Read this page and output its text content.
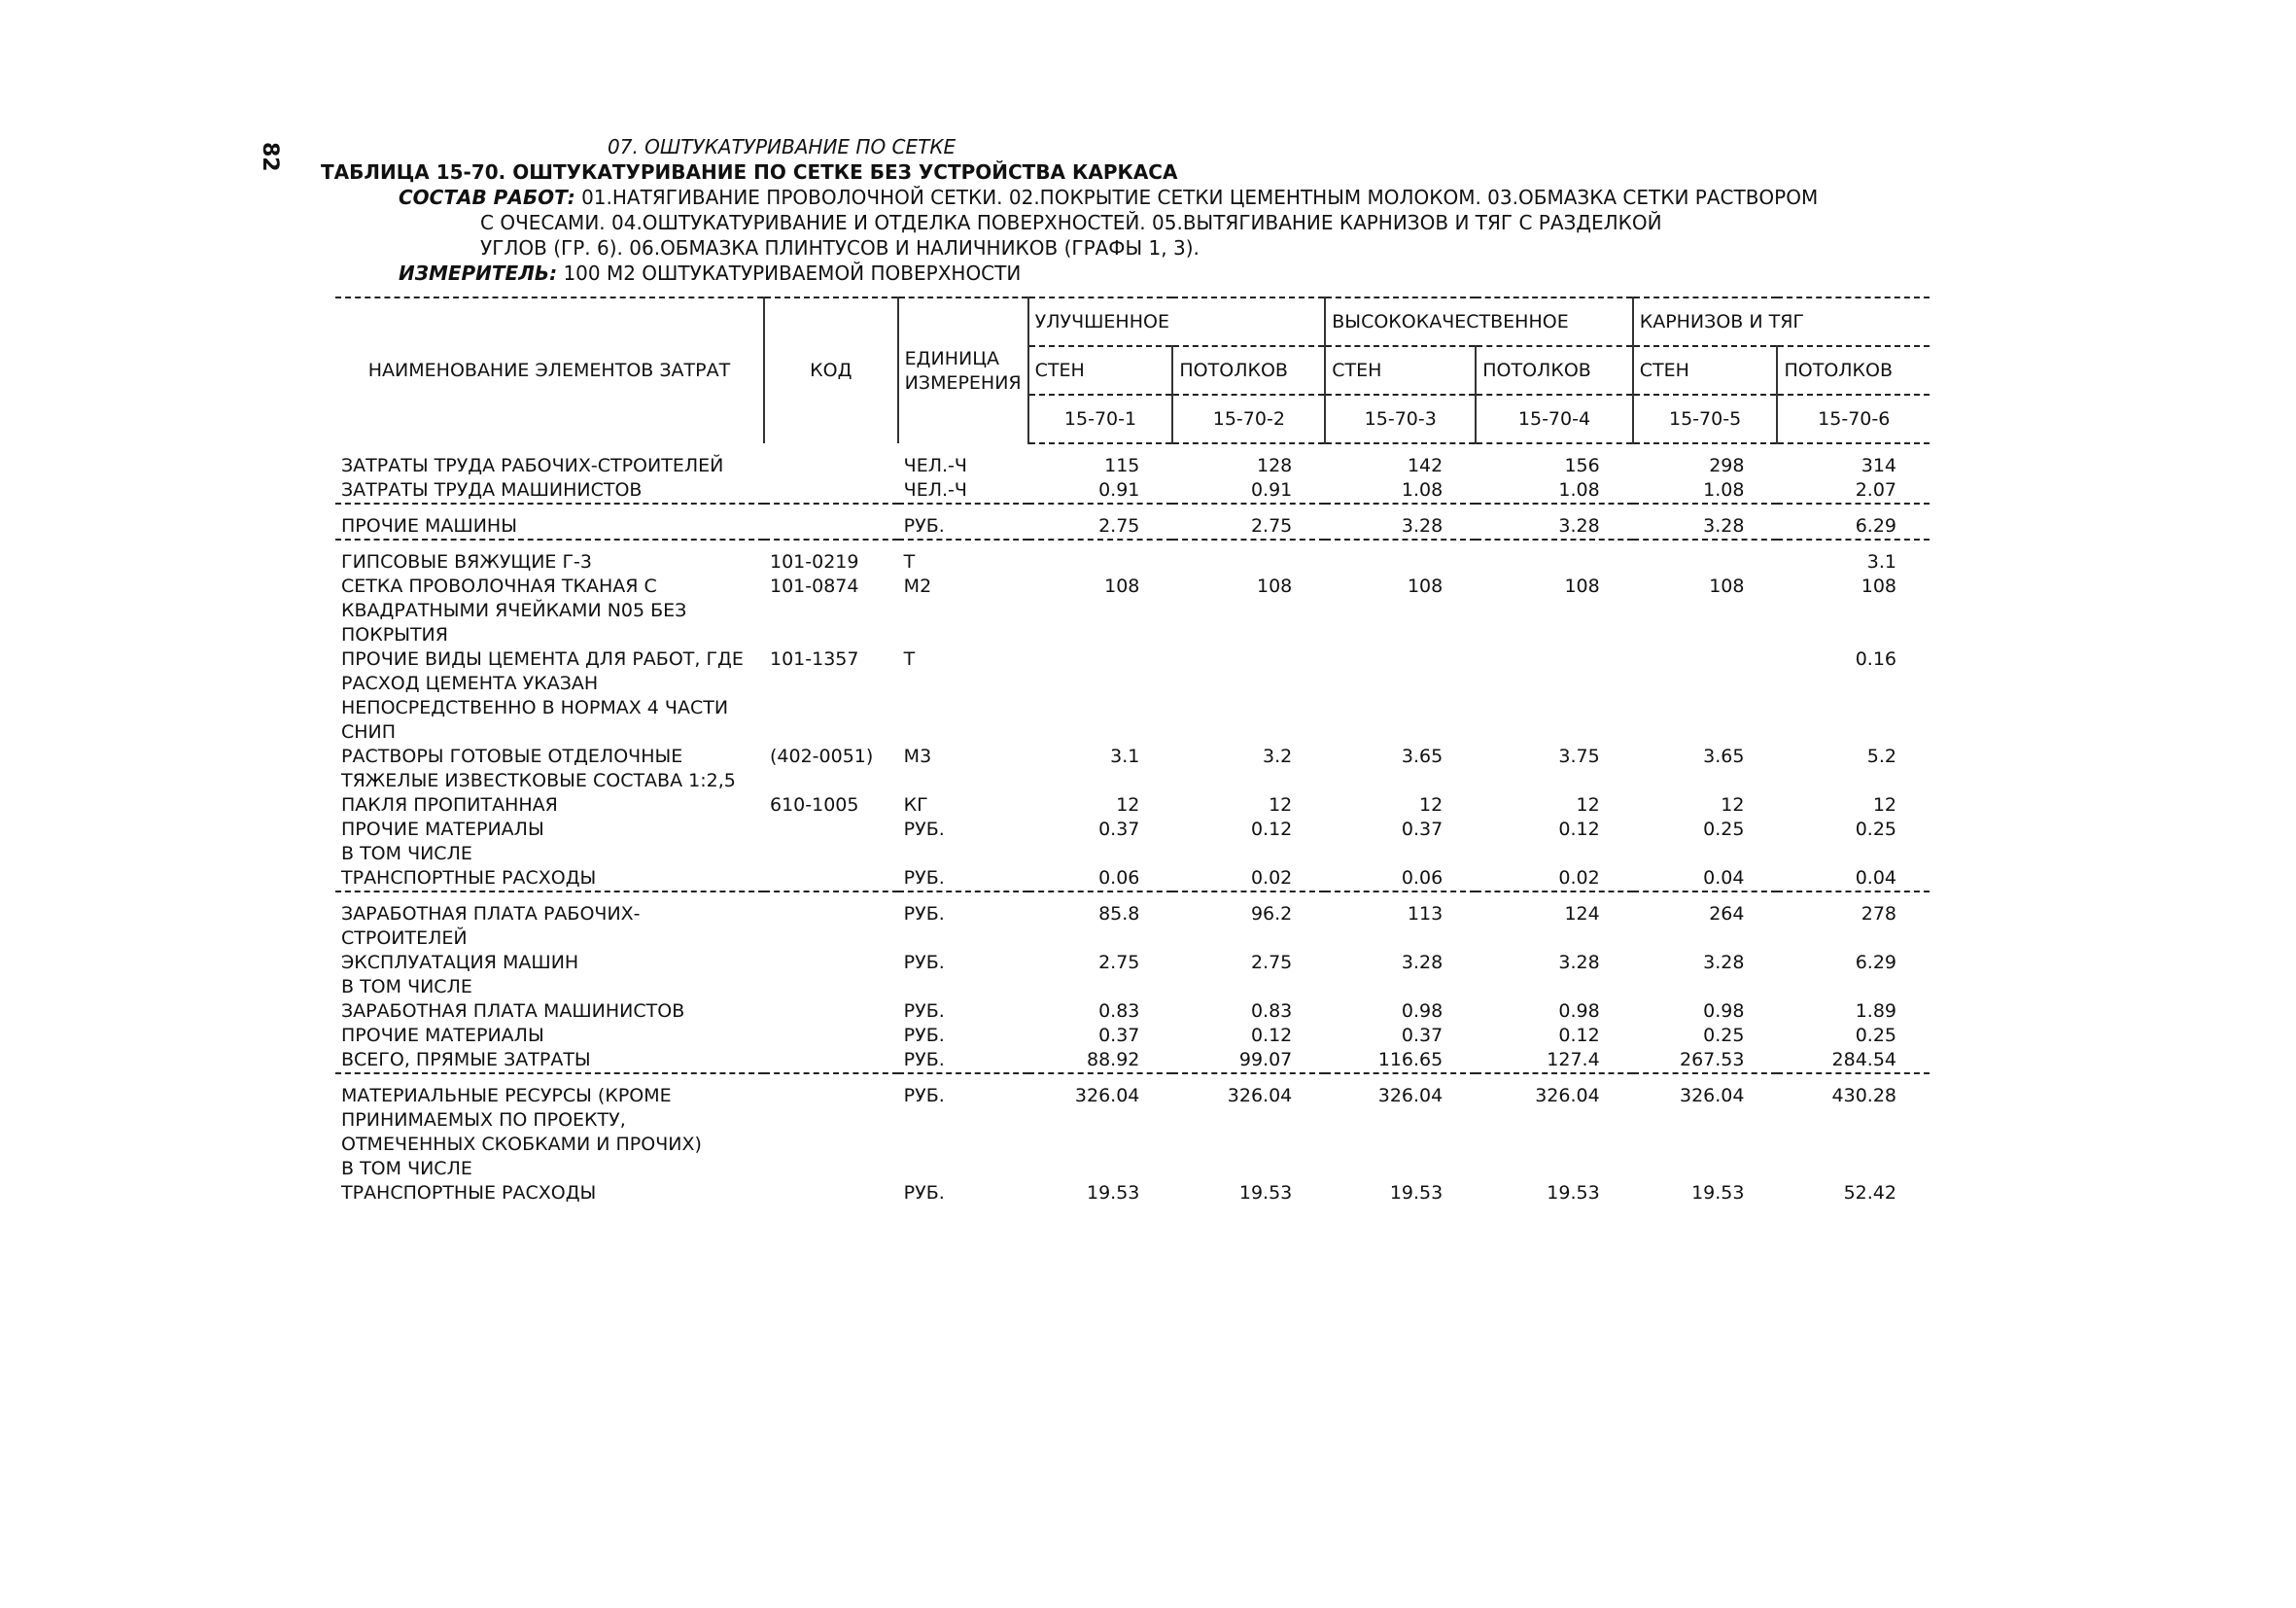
82	07. ОШТУКАТУРИВАНИЕ ПО СЕТКЕ
ТАБЛИЦА 15-70. ОШТУКАТУРИВАНИЕ ПО СЕТКЕ БЕЗ УСТРОЙСТВА КАРКАСА
СОСТАВ РАБОТ: 01.НАТЯГИВАНИЕ ПРОВОЛОЧНОЙ СЕТКИ. 02.ПОКРЫТИЕ СЕТКИ ЦЕМЕНТНЫМ МОЛОКОМ. 03.ОБМАЗКА СЕТКИ РАСТВОРОМ
С ОЧЕСАМИ. 04.ОШТУКАТУРИВАНИЕ И ОТДЕЛКА ПОВЕРХНОСТЕЙ. 05.ВЫТЯГИВАНИЕ КАРНИЗОВ И ТЯГ С РАЗДЕЛКОЙ
УГЛОВ (ГР. 6). 06.ОБМАЗКА ПЛИНТУСОВ И НАЛИЧНИКОВ (ГРАФЫ 1, 3).
ИЗМЕРИТЕЛЬ: 100 М2 ОШТУКАТУРИВАЕМОЙ ПОВЕРХНОСТИ
НАИМЕНОВАНИЕ ЭЛЕМЕНТОВ ЗАТРАТ	КОД	ЕДИНИЦА ИЗМЕРЕНИЯ	УЛУЧШЕННОЕ		ВЫСОКОКАЧЕСТВЕННОЕ		КАРНИЗОВ И ТЯГ	
			СТЕН	ПОТОЛКОВ	СТЕН	ПОТОЛКОВ	СТЕН	ПОТОЛКОВ
			15-70-1	15-70-2	15-70-3	15-70-4	15-70-5	15-70-6

ЗАТРАТЫ ТРУДА РАБОЧИХ-СТРОИТЕЛЕЙ		ЧЕЛ.-Ч	115	128	142	156	298	314
ЗАТРАТЫ ТРУДА МАШИНИСТОВ		ЧЕЛ.-Ч	0.91	0.91	1.08	1.08	1.08	2.07

ПРОЧИЕ МАШИНЫ		РУБ.	2.75	2.75	3.28	3.28	3.28	6.29

ГИПСОВЫЕ ВЯЖУЩИЕ Г-3	101-0219	Т						3.1
СЕТКА ПРОВОЛОЧНАЯ ТКАНАЯ С КВАДРАТНЫМИ ЯЧЕЙКАМИ N05 БЕЗ ПОКРЫТИЯ	101-0874	М2	108	108	108	108	108	108
ПРОЧИЕ ВИДЫ ЦЕМЕНТА ДЛЯ РАБОТ, ГДЕ РАСХОД ЦЕМЕНТА УКАЗАН НЕПОСРЕДСТВЕННО В НОРМАХ 4 ЧАСТИ СНИП	101-1357	Т						0.16
РАСТВОРЫ ГОТОВЫЕ ОТДЕЛОЧНЫЕ ТЯЖЕЛЫЕ ИЗВЕСТКОВЫЕ СОСТАВА 1:2,5	(402-0051)	М3	3.1	3.2	3.65	3.75	3.65	5.2
ПАКЛЯ ПРОПИТАННАЯ	610-1005	КГ	12	12	12	12	12	12
ПРОЧИЕ МАТЕРИАЛЫ		РУБ.	0.37	0.12	0.37	0.12	0.25	0.25
В ТОМ ЧИСЛЕ								
ТРАНСПОРТНЫЕ РАСХОДЫ		РУБ.	0.06	0.02	0.06	0.02	0.04	0.04

ЗАРАБОТНАЯ ПЛАТА РАБОЧИХ-СТРОИТЕЛЕЙ		РУБ.	85.8	96.2	113	124	264	278
ЭКСПЛУАТАЦИЯ МАШИН		РУБ.	2.75	2.75	3.28	3.28	3.28	6.29
В ТОМ ЧИСЛЕ								
ЗАРАБОТНАЯ ПЛАТА МАШИНИСТОВ		РУБ.	0.83	0.83	0.98	0.98	0.98	1.89
ПРОЧИЕ МАТЕРИАЛЫ		РУБ.	0.37	0.12	0.37	0.12	0.25	0.25
ВСЕГО, ПРЯМЫЕ ЗАТРАТЫ		РУБ.	88.92	99.07	116.65	127.4	267.53	284.54

МАТЕРИАЛЬНЫЕ РЕСУРСЫ (КРОМЕ ПРИНИМАЕМЫХ ПО ПРОЕКТУ, ОТМЕЧЕННЫХ СКОБКАМИ И ПРОЧИХ)		РУБ.	326.04	326.04	326.04	326.04	326.04	430.28
В ТОМ ЧИСЛЕ								
ТРАНСПОРТНЫЕ РАСХОДЫ		РУБ.	19.53	19.53	19.53	19.53	19.53	52.42
